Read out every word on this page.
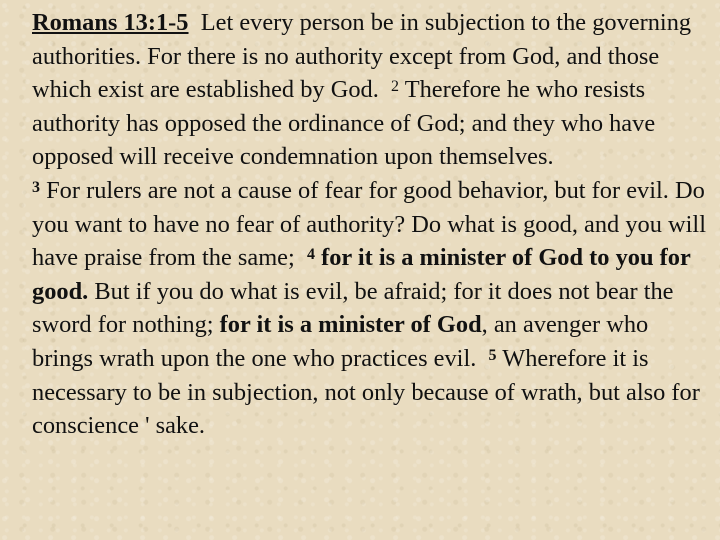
Romans 13:1-5 Let every person be in subjection to the governing authorities. For there is no authority except from God, and those which exist are established by God. $^2$ Therefore he who resists authority has opposed the ordinance of God; and they who have opposed will receive condemnation upon themselves.
$^3$ For rulers are not a cause of fear for good behavior, but for evil. Do you want to have no fear of authority? Do what is good, and you will have praise from the same; $^4$ for it is a minister of God to you for good. But if you do what is evil, be afraid; for it does not bear the sword for nothing; for it is a minister of God, an avenger who brings wrath upon the one who practices evil. $^5$ Wherefore it is necessary to be in subjection, not only because of wrath, but also for conscience ' sake.
